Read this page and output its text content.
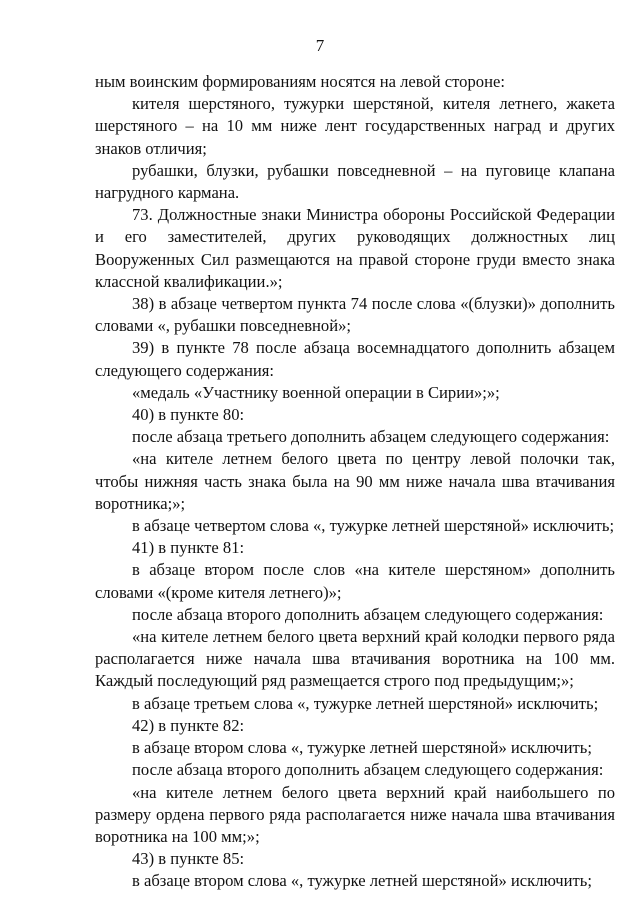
7

ным воинским формированиям носятся на левой стороне:

кителя шерстяного, тужурки шерстяной, кителя летнего, жакета шерстяного – на 10 мм ниже лент государственных наград и других знаков отличия;

рубашки, блузки, рубашки повседневной – на пуговице клапана нагрудного кармана.

73. Должностные знаки Министра обороны Российской Федерации и его заместителей, других руководящих должностных лиц Вооруженных Сил размещаются на правой стороне груди вместо знака классной квалификации.»;

38) в абзаце четвертом пункта 74 после слова «(блузки)» дополнить словами «, рубашки повседневной»;

39) в пункте 78 после абзаца восемнадцатого дополнить абзацем следующего содержания:

«медаль «Участнику военной операции в Сирии»;»;

40) в пункте 80:

после абзаца третьего дополнить абзацем следующего содержания:

«на кителе летнем белого цвета по центру левой полочки так, чтобы нижняя часть знака была на 90 мм ниже начала шва втачивания воротника;»;

в абзаце четвертом слова «, тужурке летней шерстяной» исключить;

41) в пункте 81:

в абзаце втором после слов «на кителе шерстяном» дополнить словами «(кроме кителя летнего)»;

после абзаца второго дополнить абзацем следующего содержания:

«на кителе летнем белого цвета верхний край колодки первого ряда располагается ниже начала шва втачивания воротника на 100 мм. Каждый последующий ряд размещается строго под предыдущим;»;

в абзаце третьем слова «, тужурке летней шерстяной» исключить;

42) в пункте 82:

в абзаце втором слова «, тужурке летней шерстяной» исключить;

после абзаца второго дополнить абзацем следующего содержания:

«на кителе летнем белого цвета верхний край наибольшего по размеру ордена первого ряда располагается ниже начала шва втачивания воротника на 100 мм;»;

43) в пункте 85:

в абзаце втором слова «, тужурке летней шерстяной» исключить;
